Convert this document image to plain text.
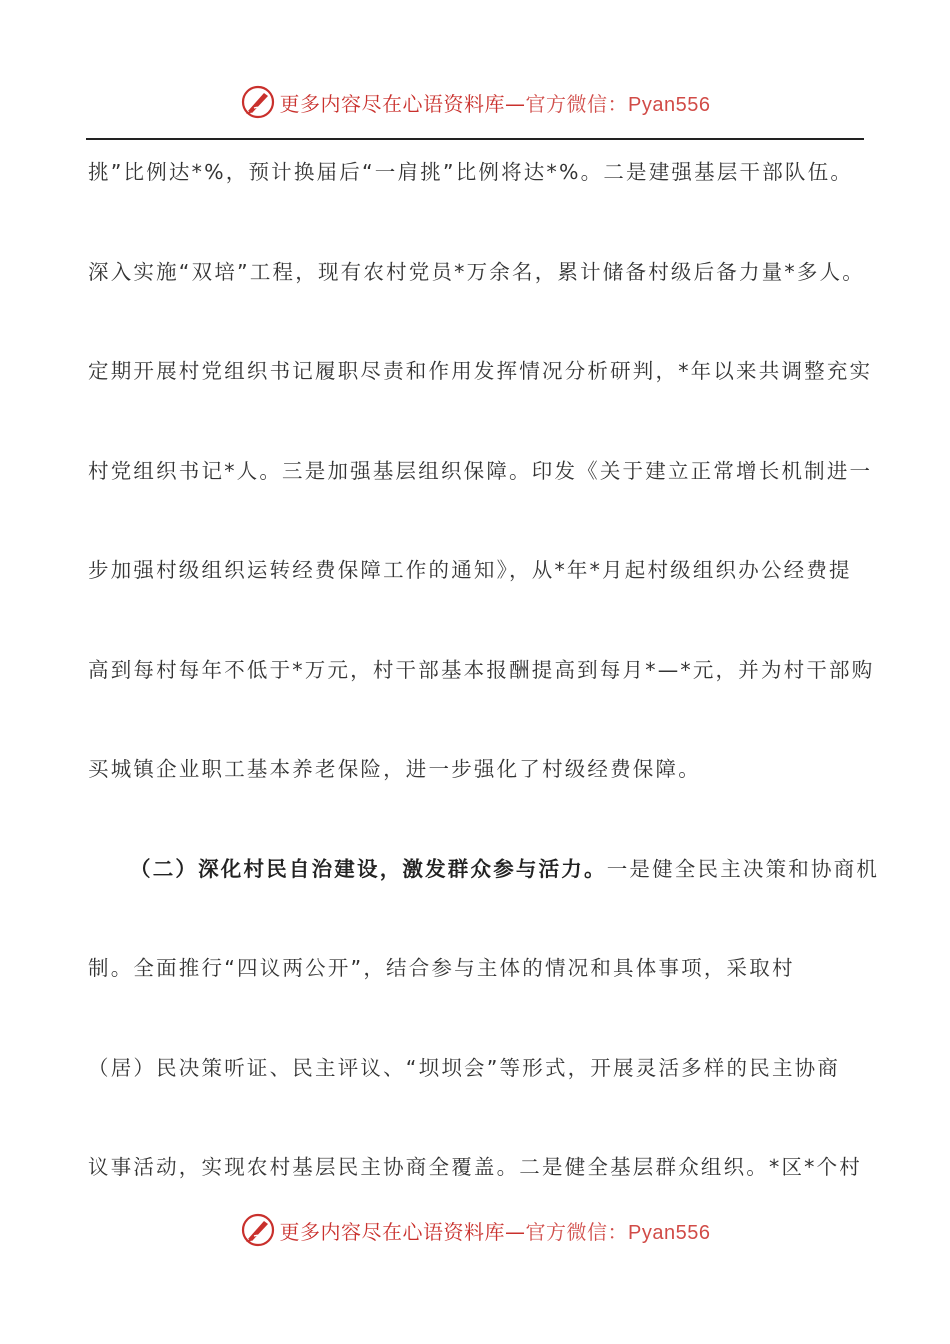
更多内容尽在心语资料库—官方微信：Pyan556
挑”比例达*%，预计换届后“一肩挑”比例将达*%。二是建强基层干部队伍。
深入实施“双培”工程，现有农村党员*万余名，累计储备村级后备力量*多人。
定期开展村党组织书记履职尽责和作用发挥情况分析研判，*年以来共调整充实
村党组织书记*人。三是加强基层组织保障。印发《关于建立正常增长机制进一
步加强村级组织运转经费保障工作的通知》，从*年*月起村级组织办公经费提
高到每村每年不低于*万元，村干部基本报酬提高到每月*—*元，并为村干部购
买城镇企业职工基本养老保险，进一步强化了村级经费保障。
（二）深化村民自治建设，激发群众参与活力。一是健全民主决策和协商机
制。全面推行“四议两公开”，结合参与主体的情况和具体事项，采取村
（居）民决策听证、民主评议、“坝坝会”等形式，开展灵活多样的民主协商
议事活动，实现农村基层民主协商全覆盖。二是健全基层群众组织。*区*个村
更多内容尽在心语资料库—官方微信：Pyan556
